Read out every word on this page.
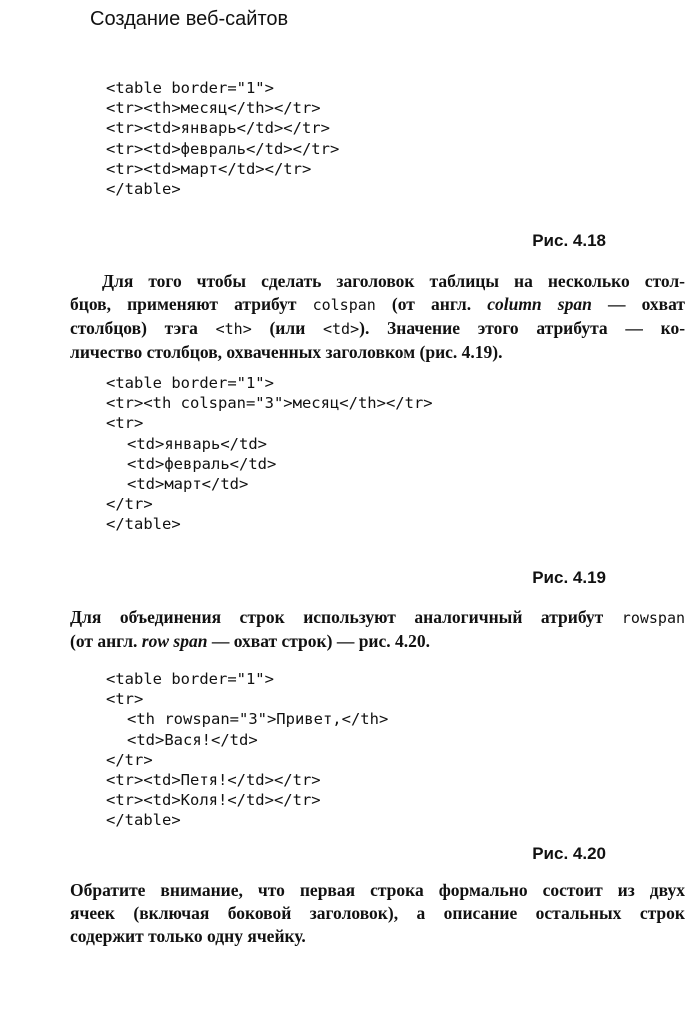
Создание веб-сайтов
<table border="1">
<tr><th>месяц</th></tr>
<tr><td>январь</td></tr>
<tr><td>февраль</td></tr>
<tr><td>март</td></tr>
</table>
Рис. 4.18
Для того чтобы сделать заголовок таблицы на несколько стол-
бцов, применяют атрибут colspan (от англ. column span — охват
столбцов) тэга <th> (или <td>). Значение этого атрибута — ко-
личество столбцов, охваченных заголовком (рис. 4.19).
<table border="1">
<tr><th colspan="3">месяц</th></tr>
<tr>
<td>январь</td>
<td>февраль</td>
<td>март</td>
</tr>
</table>
Рис. 4.19
Для объединения строк используют аналогичный атрибут rowspan
(от англ. row span — охват строк) — рис. 4.20.
<table border="1">
<tr>
<th rowspan="3">Привет,</th>
<td>Вася!</td>
</tr>
<tr><td>Петя!</td></tr>
<tr><td>Коля!</td></tr>
</table>
Рис. 4.20
Обратите внимание, что первая строка формально состоит из двух
ячеек (включая боковой заголовок), а описание остальных строк
содержит только одну ячейку.
